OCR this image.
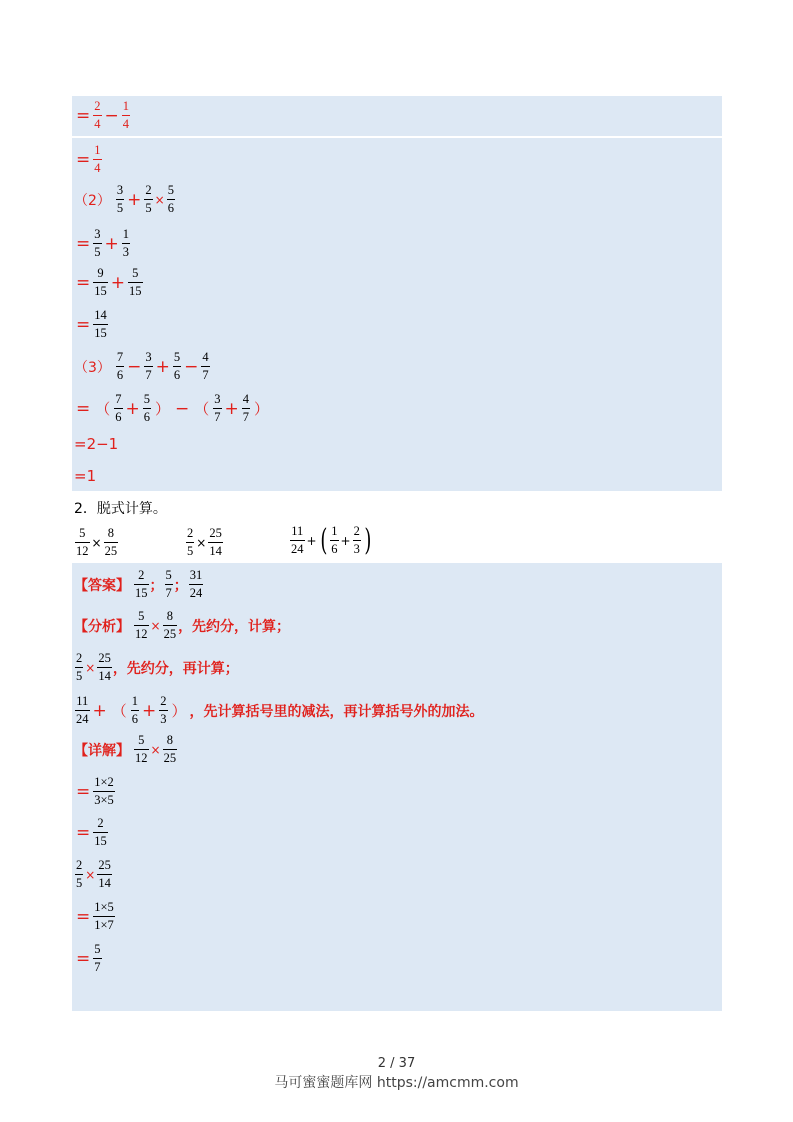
= $\frac{2}{4} - \frac{1}{4}$
= $\frac{1}{4}$
$(2) \frac{3}{5} + \frac{2}{5} \times \frac{5}{6}$
= $\frac{3}{5} + \frac{1}{3}$
= $\frac{9}{15} + \frac{5}{15}$
= $\frac{14}{15}$
$(3) \frac{7}{6} - \frac{3}{7} + \frac{5}{6} - \frac{4}{7}$
= （ $\frac{7}{6} + \frac{5}{6}$ ） − （ $\frac{3}{7} + \frac{4}{7}$ ）
=2−1
=1
2．脱式计算。
$\frac{5}{12} \times \frac{8}{25}$	$\frac{2}{5} \times \frac{25}{14}$	$\frac{11}{24}$ + ( $\frac{1}{6} + \frac{2}{3}$ )
【答案】 $\frac{2}{15}$ ； $\frac{5}{7}$ ； $\frac{31}{24}$
【分析】 $\frac{5}{12} \times \frac{8}{25}$ ，先约分，计算；
$\frac{2}{5} \times \frac{25}{14}$ ，先约分，再计算；
$\frac{11}{24}$ + （ $\frac{1}{6} + \frac{2}{3}$ ） ，先计算括号里的减法，再计算括号外的加法。
【详解】 $\frac{5}{12} \times \frac{8}{25}$
= $\frac{1\times 2}{3\times 5}$
= $\frac{2}{15}$
$\frac{2}{5} \times \frac{25}{14}$
= $\frac{1\times 5}{1\times 7}$
= $\frac{5}{7}$
2 / 37
马可蜜蜜题库网 https://amcmm.com
